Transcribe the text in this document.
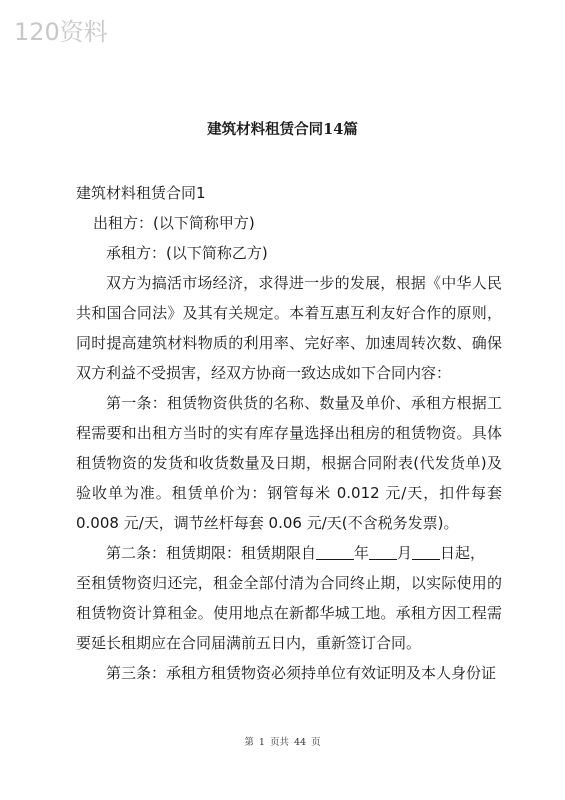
120资料
建筑材料租赁合同14篇
建筑材料租赁合同1
出租方：(以下简称甲方)
承租方：(以下简称乙方)
双方为搞活市场经济，求得进一步的发展，根据《中华人民
共和国合同法》及其有关规定。本着互惠互利友好合作的原则，
同时提高建筑材料物质的利用率、完好率、加速周转次数、确保
双方利益不受损害，经双方协商一致达成如下合同内容：
第一条：租赁物资供货的名称、数量及单价、承租方根据工
程需要和出租方当时的实有库存量选择出租房的租赁物资。具体
租赁物资的发货和收货数量及日期，根据合同附表(代发货单)及
验收单为准。租赁单价为：钢管每米 0.012 元/天，扣件每套
0.008 元/天，调节丝杆每套 0.06 元/天(不含税务发票)。
第二条：租赁期限：租赁期限自	年 月 日起，
至租赁物资归还完，租金全部付清为合同终止期，以实际使用的
租赁物资计算租金。使用地点在新都华城工地。承租方因工程需
要延长租期应在合同届满前五日内，重新签订合同。
第三条：承租方租赁物资必须持单位有效证明及本人身份证
第 1 页共 44 页
